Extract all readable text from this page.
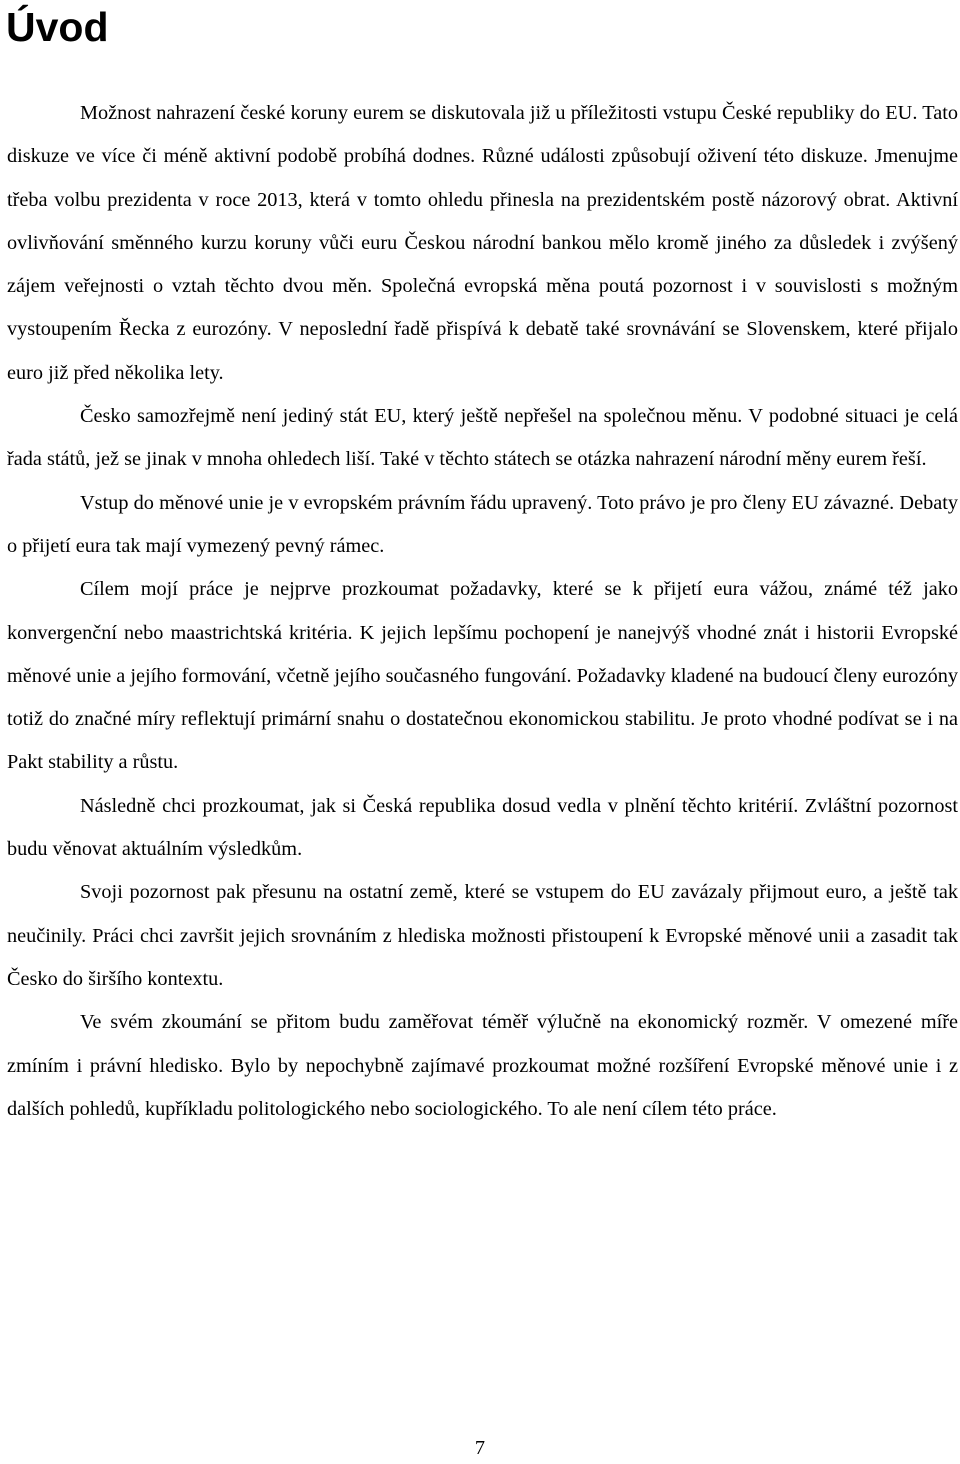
Úvod

Možnost nahrazení české koruny eurem se diskutovala již u příležitosti vstupu České republiky do EU. Tato diskuze ve více či méně aktivní podobě probíhá dodnes. Různé události způsobují oživení této diskuze. Jmenujme třeba volbu prezidenta v roce 2013, která v tomto ohledu přinesla na prezidentském postě názorový obrat. Aktivní ovlivňování směnného kurzu koruny vůči euru Českou národní bankou mělo kromě jiného za důsledek i zvýšený zájem veřejnosti o vztah těchto dvou měn. Společná evropská měna poutá pozornost i v souvislosti s možným vystoupením Řecka z eurozóny. V neposlední řadě přispívá k debatě také srovnávání se Slovenskem, které přijalo euro již před několika lety.

Česko samozřejmě není jediný stát EU, který ještě nepřešel na společnou měnu. V podobné situaci je celá řada států, jež se jinak v mnoha ohledech liší. Také v těchto státech se otázka nahrazení národní měny eurem řeší.

Vstup do měnové unie je v evropském právním řádu upravený. Toto právo je pro členy EU závazné. Debaty o přijetí eura tak mají vymezený pevný rámec.

Cílem mojí práce je nejprve prozkoumat požadavky, které se k přijetí eura vážou, známé též jako konvergenční nebo maastrichtská kritéria. K jejich lepšímu pochopení je nanejvýš vhodné znát i historii Evropské měnové unie a jejího formování, včetně jejího současného fungování. Požadavky kladené na budoucí členy eurozóny totiž do značné míry reflektují primární snahu o dostatečnou ekonomickou stabilitu. Je proto vhodné podívat se i na Pakt stability a růstu.

Následně chci prozkoumat, jak si Česká republika dosud vedla v plnění těchto kritérií. Zvláštní pozornost budu věnovat aktuálním výsledkům.

Svoji pozornost pak přesunu na ostatní země, které se vstupem do EU zavázaly přijmout euro, a ještě tak neučinily. Práci chci završit jejich srovnáním z hlediska možnosti přistoupení k Evropské měnové unii a zasadit tak Česko do širšího kontextu.

Ve svém zkoumání se přitom budu zaměřovat téměř výlučně na ekonomický rozměr. V omezené míře zmíním i právní hledisko. Bylo by nepochybně zajímavé prozkoumat možné rozšíření Evropské měnové unie i z dalších pohledů, kupříkladu politologického nebo sociologického. To ale není cílem této práce.

7
